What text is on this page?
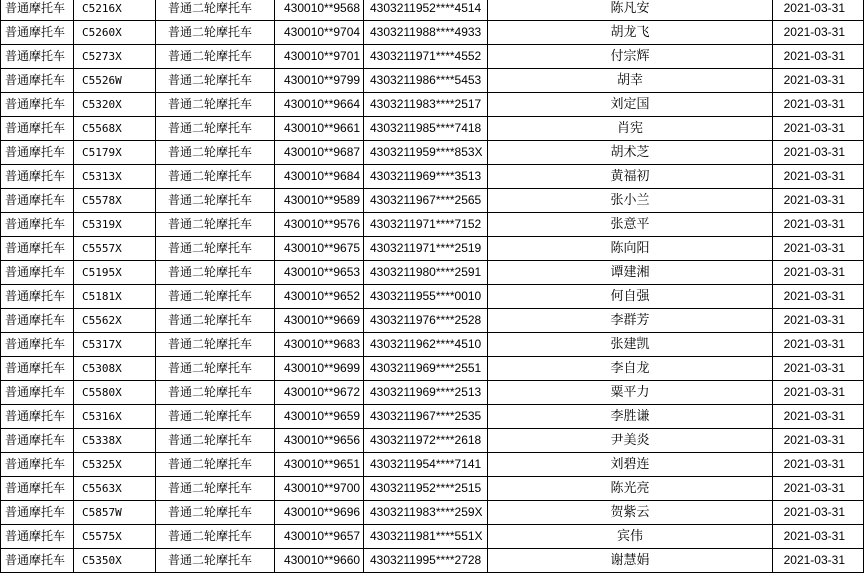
普通摩托车	C5216X	普通二轮摩托车	430010**9568	4303211952****4514	陈凡安	2021-03-31
普通摩托车	C5260X	普通二轮摩托车	430010**9704	4303211988****4933	胡龙飞	2021-03-31
普通摩托车	C5273X	普通二轮摩托车	430010**9701	4303211971****4552	付宗辉	2021-03-31
普通摩托车	C5526W	普通二轮摩托车	430010**9799	4303211986****5453	胡幸	2021-03-31
普通摩托车	C5320X	普通二轮摩托车	430010**9664	4303211983****2517	刘定国	2021-03-31
普通摩托车	C5568X	普通二轮摩托车	430010**9661	4303211985****7418	肖宪	2021-03-31
普通摩托车	C5179X	普通二轮摩托车	430010**9687	4303211959****853X	胡术芝	2021-03-31
普通摩托车	C5313X	普通二轮摩托车	430010**9684	4303211969****3513	黄福初	2021-03-31
普通摩托车	C5578X	普通二轮摩托车	430010**9589	4303211967****2565	张小兰	2021-03-31
普通摩托车	C5319X	普通二轮摩托车	430010**9576	4303211971****7152	张意平	2021-03-31
普通摩托车	C5557X	普通二轮摩托车	430010**9675	4303211971****2519	陈向阳	2021-03-31
普通摩托车	C5195X	普通二轮摩托车	430010**9653	4303211980****2591	谭建湘	2021-03-31
普通摩托车	C5181X	普通二轮摩托车	430010**9652	4303211955****0010	何自强	2021-03-31
普通摩托车	C5562X	普通二轮摩托车	430010**9669	4303211976****2528	李群芳	2021-03-31
普通摩托车	C5317X	普通二轮摩托车	430010**9683	4303211962****4510	张建凯	2021-03-31
普通摩托车	C5308X	普通二轮摩托车	430010**9699	4303211969****2551	李自龙	2021-03-31
普通摩托车	C5580X	普通二轮摩托车	430010**9672	4303211969****2513	粟平力	2021-03-31
普通摩托车	C5316X	普通二轮摩托车	430010**9659	4303211967****2535	李胜谦	2021-03-31
普通摩托车	C5338X	普通二轮摩托车	430010**9656	4303211972****2618	尹美炎	2021-03-31
普通摩托车	C5325X	普通二轮摩托车	430010**9651	4303211954****7141	刘碧连	2021-03-31
普通摩托车	C5563X	普通二轮摩托车	430010**9700	4303211952****2515	陈光亮	2021-03-31
普通摩托车	C5857W	普通二轮摩托车	430010**9696	4303211983****259X	贺紫云	2021-03-31
普通摩托车	C5575X	普通二轮摩托车	430010**9657	4303211981****551X	宾伟	2021-03-31
普通摩托车	C5350X	普通二轮摩托车	430010**9660	4303211995****2728	谢慧娟	2021-03-31
